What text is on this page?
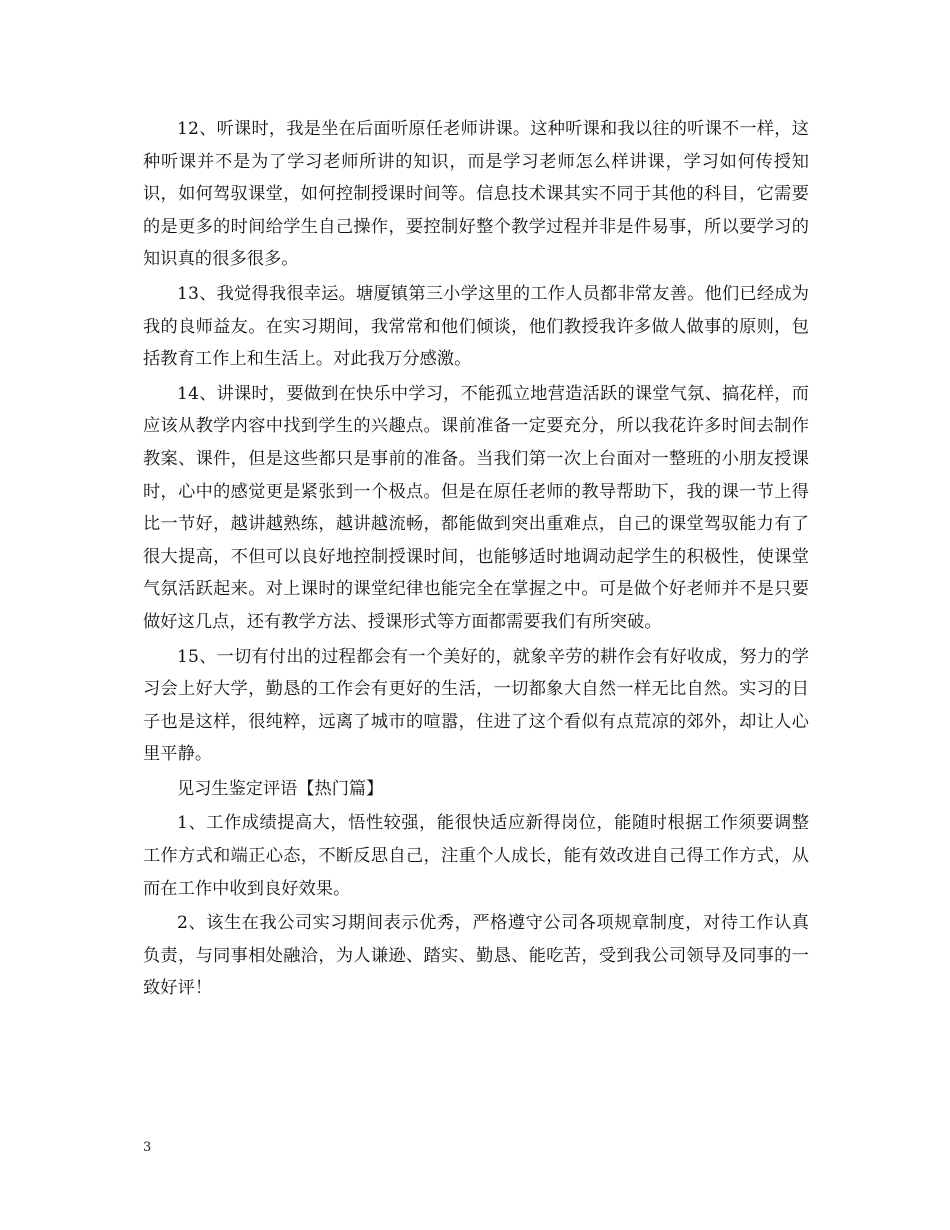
12、听课时，我是坐在后面听原任老师讲课。这种听课和我以往的听课不一样，这种听课并不是为了学习老师所讲的知识，而是学习老师怎么样讲课，学习如何传授知识，如何驾驭课堂，如何控制授课时间等。信息技术课其实不同于其他的科目，它需要的是更多的时间给学生自己操作，要控制好整个教学过程并非是件易事，所以要学习的知识真的很多很多。

13、我觉得我很幸运。塘厦镇第三小学这里的工作人员都非常友善。他们已经成为我的良师益友。在实习期间，我常常和他们倾谈，他们教授我许多做人做事的原则，包括教育工作上和生活上。对此我万分感激。

14、讲课时，要做到在快乐中学习，不能孤立地营造活跃的课堂气氛、搞花样，而应该从教学内容中找到学生的兴趣点。课前准备一定要充分，所以我花许多时间去制作教案、课件，但是这些都只是事前的准备。当我们第一次上台面对一整班的小朋友授课时，心中的感觉更是紧张到一个极点。但是在原任老师的教导帮助下，我的课一节上得比一节好，越讲越熟练，越讲越流畅，都能做到突出重难点，自己的课堂驾驭能力有了很大提高，不但可以良好地控制授课时间，也能够适时地调动起学生的积极性，使课堂气氛活跃起来。对上课时的课堂纪律也能完全在掌握之中。可是做个好老师并不是只要做好这几点，还有教学方法、授课形式等方面都需要我们有所突破。

15、一切有付出的过程都会有一个美好的，就象辛劳的耕作会有好收成，努力的学习会上好大学，勤恳的工作会有更好的生活，一切都象大自然一样无比自然。实习的日子也是这样，很纯粹，远离了城市的喧嚣，住进了这个看似有点荒凉的郊外，却让人心里平静。

见习生鉴定评语【热门篇】

1、工作成绩提高大，悟性较强，能很快适应新得岗位，能随时根据工作须要调整工作方式和端正心态，不断反思自己，注重个人成长，能有效改进自己得工作方式，从而在工作中收到良好效果。

2、该生在我公司实习期间表示优秀，严格遵守公司各项规章制度，对待工作认真负责，与同事相处融洽，为人谦逊、踏实、勤恳、能吃苦，受到我公司领导及同事的一致好评！

3
